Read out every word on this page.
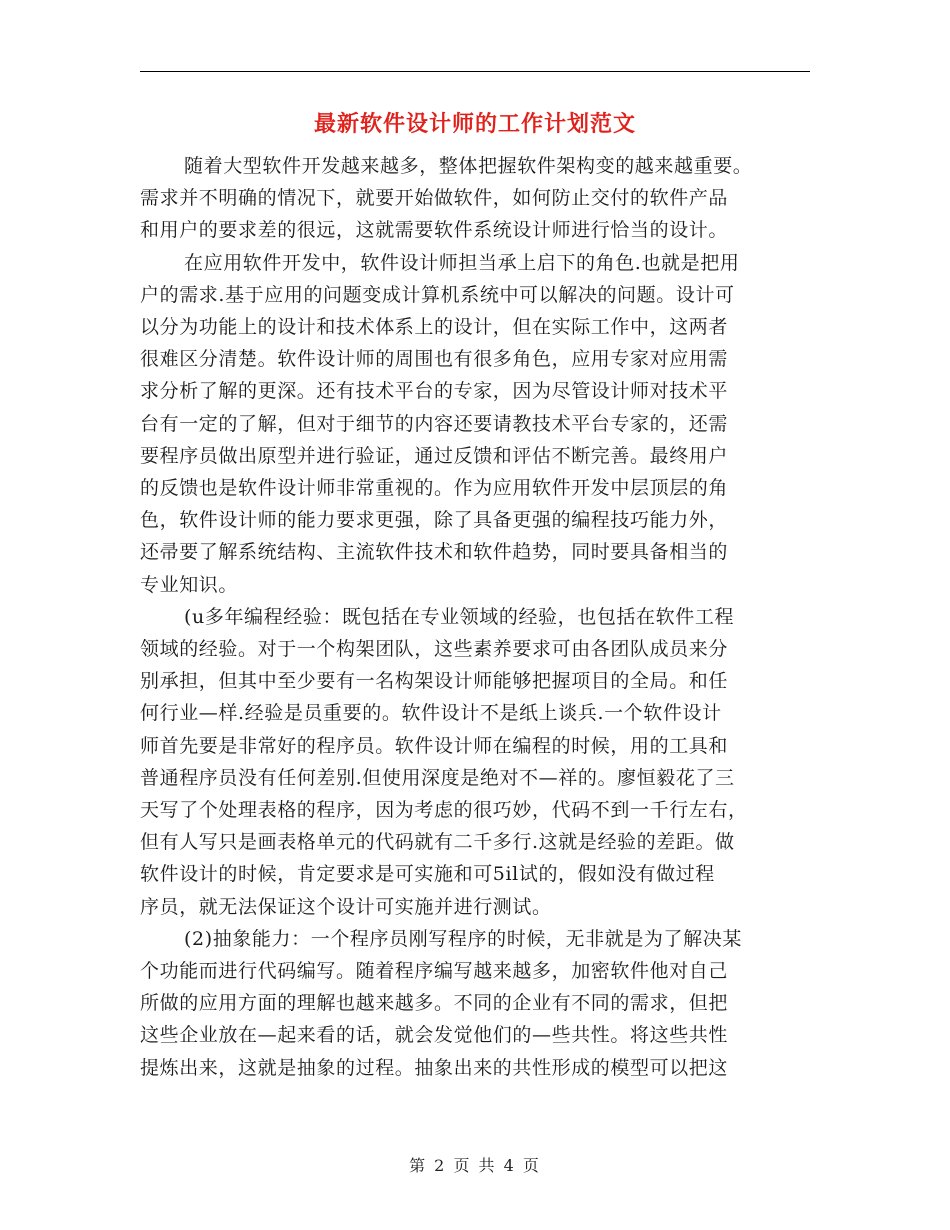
最新软件设计师的工作计划范文

随着大型软件开发越来越多，整体把握软件架构变的越来越重要。
需求并不明确的情况下，就要开始做软件，如何防止交付的软件产品
和用户的要求差的很远，这就需要软件系统设计师进行恰当的设计。

在应用软件开发中，软件设计师担当承上启下的角色.也就是把用
户的需求.基于应用的问题变成计算机系统中可以解决的问题。设计可
以分为功能上的设计和技术体系上的设计，但在实际工作中，这两者
很难区分清楚。软件设计师的周围也有很多角色，应用专家对应用需
求分析了解的更深。还有技术平台的专家，因为尽管设计师对技术平
台有一定的了解，但对于细节的内容还要请教技术平台专家的，还需
要程序员做出原型并进行验证，通过反馈和评估不断完善。最终用户
的反馈也是软件设计师非常重视的。作为应用软件开发中层顶层的角
色，软件设计师的能力要求更强，除了具备更强的编程技巧能力外，
还帚要了解系统结构、主流软件技术和软件趋势，同时要具备相当的
专业知识。

(u多年编程经验：既包括在专业领域的经验，也包括在软件工程
领域的经验。对于一个构架团队，这些素养要求可由各团队成员来分
别承担，但其中至少要有一名构架设计师能够把握项目的全局。和任
何行业—样.经验是员重要的。软件设计不是纸上谈兵.一个软件设计
师首先要是非常好的程序员。软件设计师在编程的时候，用的工具和
普通程序员没有任何差别.但使用深度是绝对不—祥的。廖恒毅花了三
天写了个处理表格的程序，因为考虑的很巧妙，代码不到一千行左右，
但有人写只是画表格单元的代码就有二千多行.这就是经验的差距。做
软件设计的时候，肯定要求是可实施和可5il试的，假如没有做过程
序员，就无法保证这个设计可实施并进行测试。

(2)抽象能力：一个程序员刚写程序的时候，无非就是为了解决某
个功能而进行代码编写。随着程序编写越来越多，加密软件他对自己
所做的应用方面的理解也越来越多。不同的企业有不同的需求，但把
这些企业放在—起来看的话，就会发觉他们的—些共性。将这些共性
提炼出来，这就是抽象的过程。抽象出来的共性形成的模型可以把这

第 2 页 共 4 页
